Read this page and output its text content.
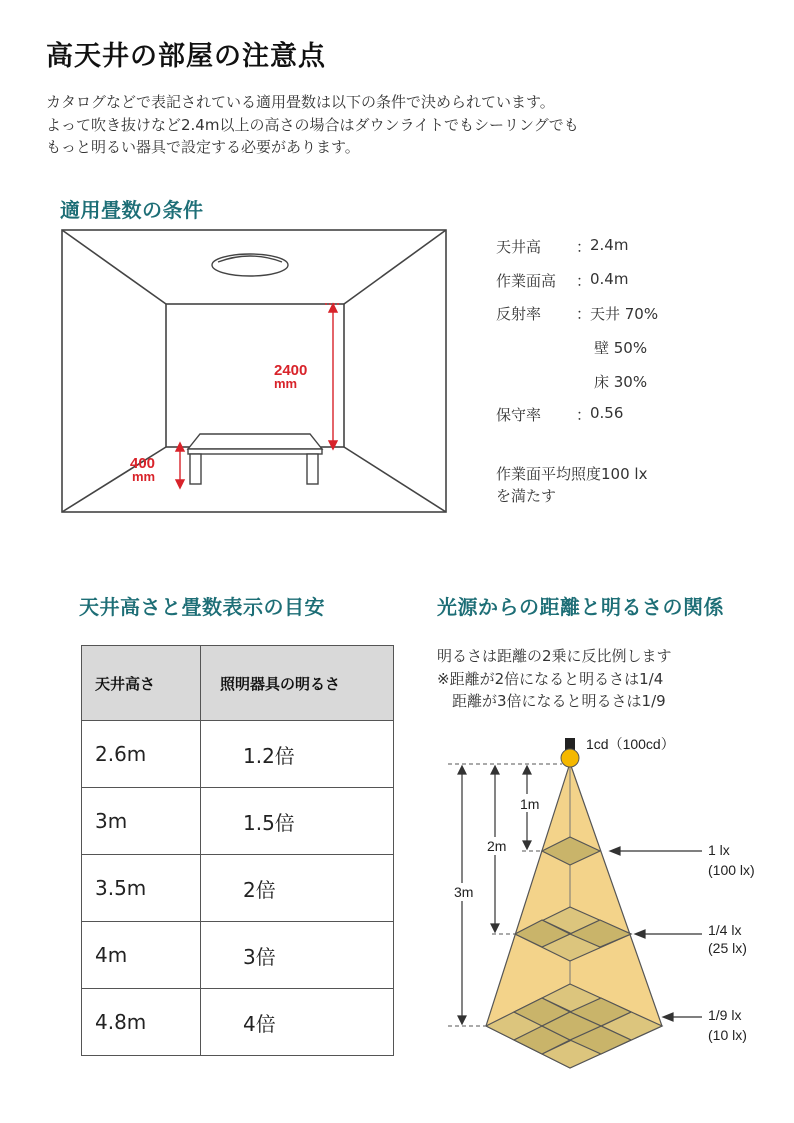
高天井の部屋の注意点
カタログなどで表記されている適用畳数は以下の条件で決められています。
よって吹き抜けなど2.4m以上の高さの場合はダウンライトでもシーリングでも
もっと明るい器具で設定する必要があります。
適用畳数の条件
2400
mm
400
mm
天井高 ：
2.4m
作業面高 ：
0.4m
反射率 ：
天井 70%
壁 50%
床 30%
保守率 ：
0.56
作業面平均照度100 lx
を満たす
天井高さと畳数表示の目安
天井高さ	照明器具の明るさ
2.6m	1.2倍
3m	1.5倍
3.5m	2倍
4m	3倍
4.8m	4倍
光源からの距離と明るさの関係
明るさは距離の2乗に反比例します
※距離が2倍になると明るさは1/4
　距離が3倍になると明るさは1/9
1cd（100cd）
1m
2m
3m
1 lx
(100 lx)
1/4 lx
(25 lx)
1/9 lx
(10 lx)
